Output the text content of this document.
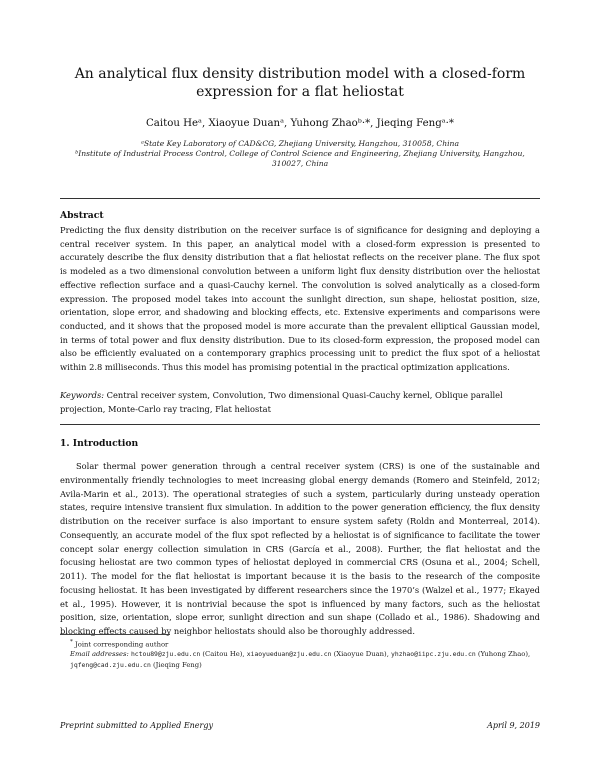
An analytical flux density distribution model with a closed-form expression for a flat heliostat
Caitou Heᵃ, Xiaoyue Duanᵃ, Yuhong Zhaoᵇ·*, Jieqing Fengᵃ·*
ᵃState Key Laboratory of CAD&CG, Zhejiang University, Hangzhou, 310058, China
ᵇInstitute of Industrial Process Control, College of Control Science and Engineering, Zhejiang University, Hangzhou, 310027, China
Abstract
Predicting the flux density distribution on the receiver surface is of significance for designing and deploying a central receiver system. In this paper, an analytical model with a closed-form expression is presented to accurately describe the flux density distribution that a flat heliostat reflects on the receiver plane. The flux spot is modeled as a two dimensional convolution between a uniform light flux density distribution over the heliostat effective reflection surface and a quasi-Cauchy kernel. The convolution is solved analytically as a closed-form expression. The proposed model takes into account the sunlight direction, sun shape, heliostat position, size, orientation, slope error, and shadowing and blocking effects, etc. Extensive experiments and comparisons were conducted, and it shows that the proposed model is more accurate than the prevalent elliptical Gaussian model, in terms of total power and flux density distribution. Due to its closed-form expression, the proposed model can also be efficiently evaluated on a contemporary graphics processing unit to predict the flux spot of a heliostat within 2.8 milliseconds. Thus this model has promising potential in the practical optimization applications.
Keywords: Central receiver system, Convolution, Two dimensional Quasi-Cauchy kernel, Oblique parallel projection, Monte-Carlo ray tracing, Flat heliostat
1. Introduction
Solar thermal power generation through a central receiver system (CRS) is one of the sustainable and environmentally friendly technologies to meet increasing global energy demands (Romero and Steinfeld, 2012; Avila-Marin et al., 2013). The operational strategies of such a system, particularly during unsteady operation states, require intensive transient flux simulation. In addition to the power generation efficiency, the flux density distribution on the receiver surface is also important to ensure system safety (Roldn and Monterreal, 2014). Consequently, an accurate model of the flux spot reflected by a heliostat is of significance to facilitate the tower concept solar energy collection simulation in CRS (García et al., 2008). Further, the flat heliostat and the focusing heliostat are two common types of heliostat deployed in commercial CRS (Osuna et al., 2004; Schell, 2011). The model for the flat heliostat is important because it is the basis to the research of the composite focusing heliostat. It has been investigated by different researchers since the 1970’s (Walzel et al., 1977; Ekayed et al., 1995). However, it is nontrivial because the spot is influenced by many factors, such as the heliostat position, size, orientation, slope error, sunlight direction and sun shape (Collado et al., 1986). Shadowing and blocking effects caused by neighbor heliostats should also be thoroughly addressed.
* Joint corresponding author
Email addresses: hctou89@zju.edu.cn (Caitou He), xiaoyueduan@zju.edu.cn (Xiaoyue Duan), yhzhao@iipc.zju.edu.cn (Yuhong Zhao), jqfeng@cad.zju.edu.cn (Jieqing Feng)
Preprint submitted to Applied Energy	April 9, 2019
